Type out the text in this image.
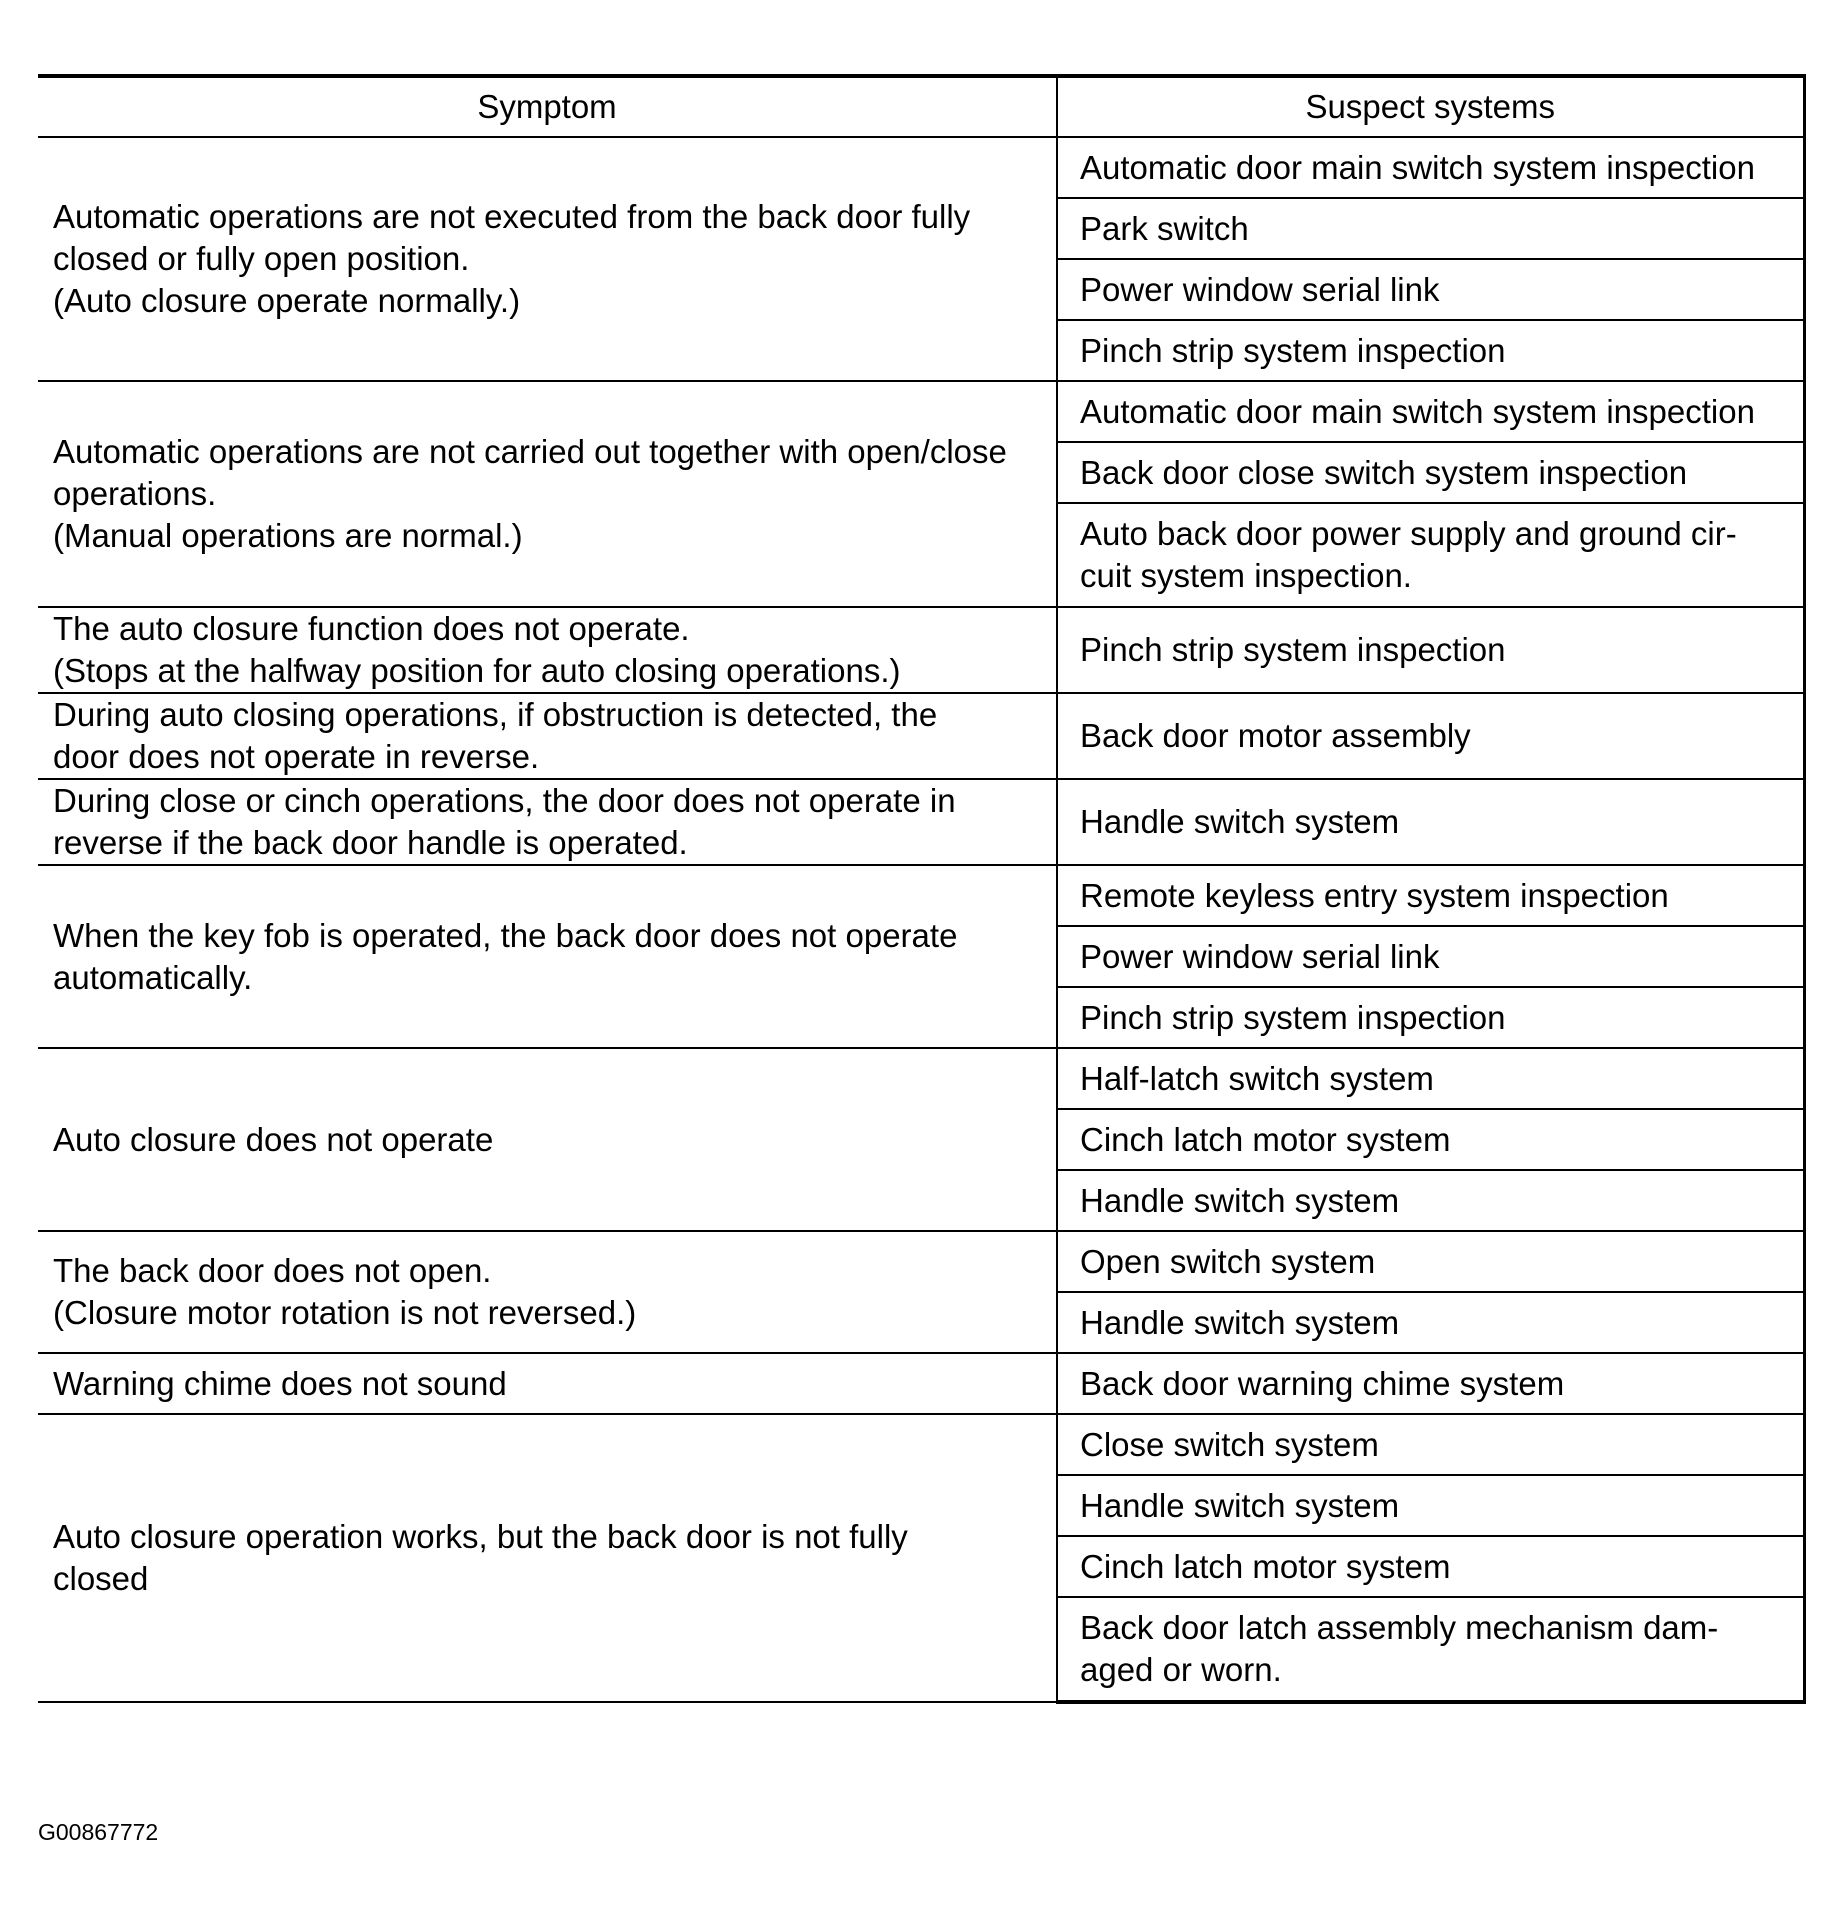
Symptom	Suspect systems

Automatic operations are not executed from the back door fully
closed or fully open position.
(Auto closure operate normally.)	Automatic door main switch system inspection

	Park switch

	Power window serial link

	Pinch strip system inspection

Automatic operations are not carried out together with open/close
operations.
(Manual operations are normal.)	Automatic door main switch system inspection

	Back door close switch system inspection

	Auto back door power supply and ground cir-
cuit system inspection.

The auto closure function does not operate.
(Stops at the halfway position for auto closing operations.)	Pinch strip system inspection

During auto closing operations, if obstruction is detected, the
door does not operate in reverse.	Back door motor assembly

During close or cinch operations, the door does not operate in
reverse if the back door handle is operated.	Handle switch system

When the key fob is operated, the back door does not operate
automatically.	Remote keyless entry system inspection

	Power window serial link

	Pinch strip system inspection

Auto closure does not operate	Half-latch switch system

	Cinch latch motor system

	Handle switch system

The back door does not open.
(Closure motor rotation is not reversed.)	Open switch system

	Handle switch system

Warning chime does not sound	Back door warning chime system

Auto closure operation works, but the back door is not fully
closed	Close switch system

	Handle switch system

	Cinch latch motor system

	Back door latch assembly mechanism dam-
aged or worn.
G00867772
